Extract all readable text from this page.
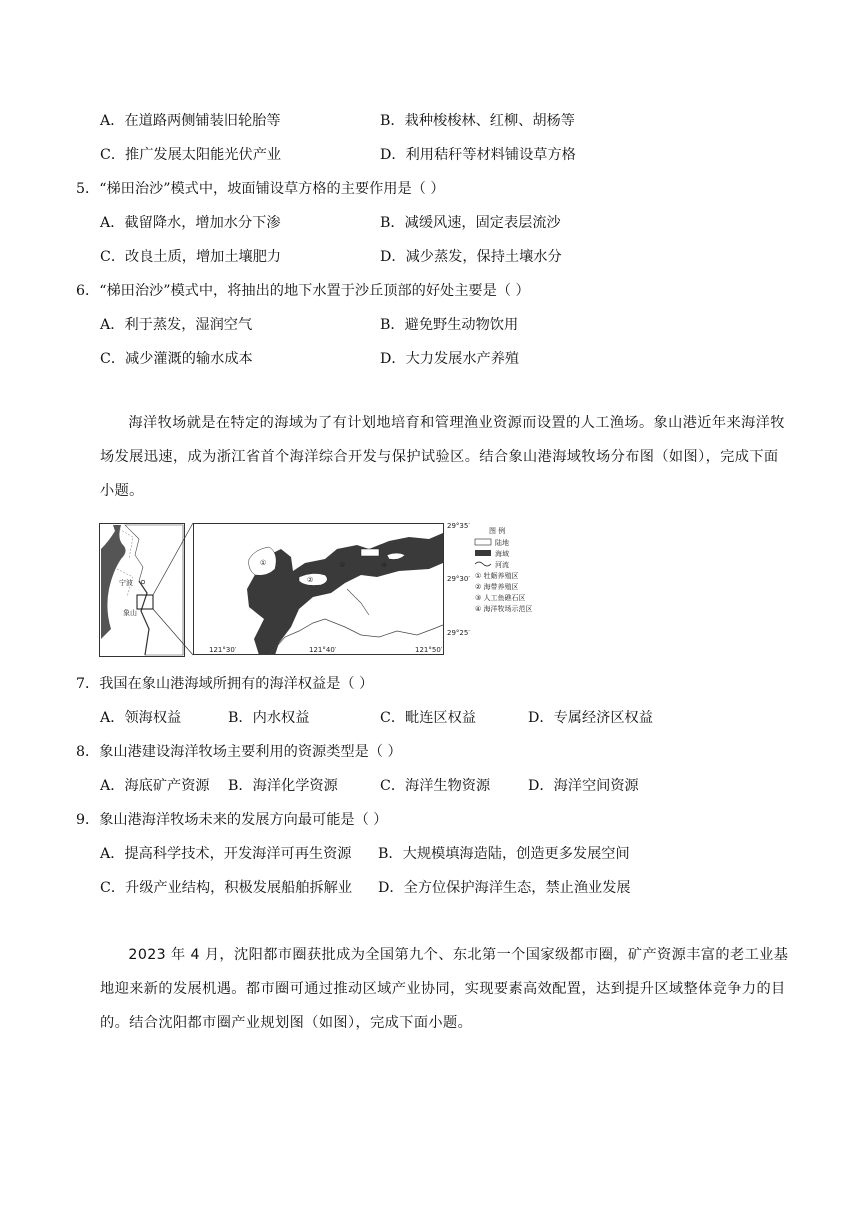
A．在道路两侧铺装旧轮胎等	B．栽种梭梭林、红柳、胡杨等
C．推广发展太阳能光伏产业	D．利用秸秆等材料铺设草方格
5．“梯田治沙”模式中，坡面铺设草方格的主要作用是（ ）
A．截留降水，增加水分下渗	B．减缓风速，固定表层流沙
C．改良土质，增加土壤肥力	D．减少蒸发，保持土壤水分
6．“梯田治沙”模式中，将抽出的地下水置于沙丘顶部的好处主要是（ ）
A．利于蒸发，湿润空气	B．避免野生动物饮用
C．减少灌溉的输水成本	D．大力发展水产养殖
海洋牧场就是在特定的海域为了有计划地培育和管理渔业资源而设置的人工渔场。象山港近年来海洋牧场发展迅速，成为浙江省首个海洋综合开发与保护试验区。结合象山港海域牧场分布图（如图），完成下面小题。
宁波
象山
①
②
③	④
29°35′
29°30′
29°25′
121°30′	121°40′	121°50′
图 例
陆地
海域
河流
① 牡蛎养殖区
② 海带养殖区
③ 人工鱼礁石区
④ 海洋牧场示范区
7．我国在象山港海域所拥有的海洋权益是（ ）
A．领海权益	B．内水权益	C．毗连区权益	D．专属经济区权益
8．象山港建设海洋牧场主要利用的资源类型是（ ）
A．海底矿产资源 B．海洋化学资源	C．海洋生物资源	D．海洋空间资源
9．象山港海洋牧场未来的发展方向最可能是（ ）
A．提高科学技术，开发海洋可再生资源 B．大规模填海造陆，创造更多发展空间
C．升级产业结构，积极发展船舶拆解业 D．全方位保护海洋生态，禁止渔业发展
2023 年 4 月，沈阳都市圈获批成为全国第九个、东北第一个国家级都市圈，矿产资源丰富的老工业基地迎来新的发展机遇。都市圈可通过推动区域产业协同，实现要素高效配置，达到提升区域整体竞争力的目的。结合沈阳都市圈产业规划图（如图），完成下面小题。
